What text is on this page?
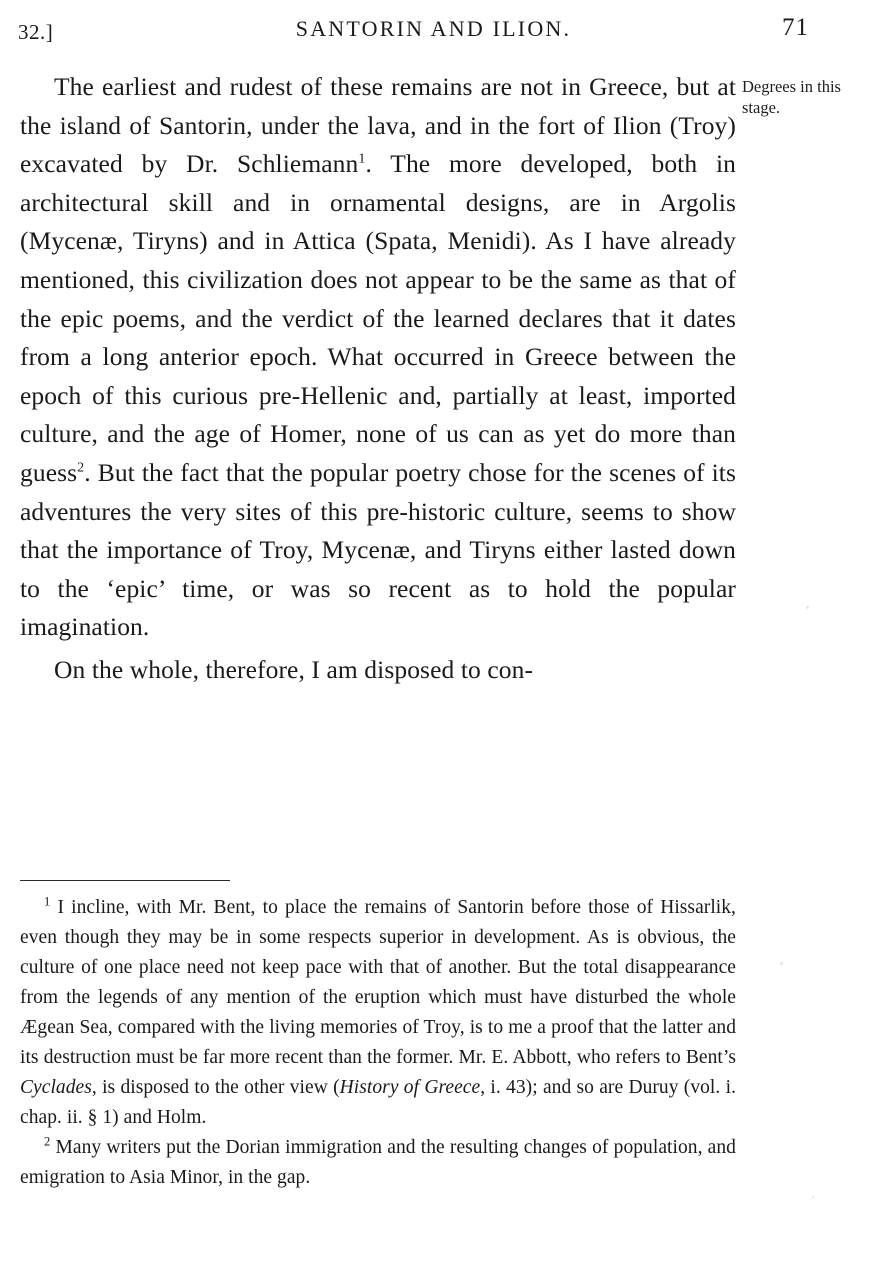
32.]	SANTORIN AND ILION.	71
Degrees in this stage.

The earliest and rudest of these remains are not in Greece, but at the island of Santorin, under the lava, and in the fort of Ilion (Troy) excavated by Dr. Schliemann$^1$. The more developed, both in architectural skill and in ornamental designs, are in Argolis (Mycenæ, Tiryns) and in Attica (Spata, Menidi). As I have already mentioned, this civilization does not appear to be the same as that of the epic poems, and the verdict of the learned declares that it dates from a long anterior epoch. What occurred in Greece between the epoch of this curious pre-Hellenic and, partially at least, imported culture, and the age of Homer, none of us can as yet do more than guess$^2$. But the fact that the popular poetry chose for the scenes of its adventures the very sites of this pre-historic culture, seems to show that the importance of Troy, Mycenæ, and Tiryns either lasted down to the ‘epic’ time, or was so recent as to hold the popular imagination.

On the whole, therefore, I am disposed to con-

$^1$ I incline, with Mr. Bent, to place the remains of Santorin before those of Hissarlik, even though they may be in some respects superior in development. As is obvious, the culture of one place need not keep pace with that of another. But the total disappearance from the legends of any mention of the eruption which must have disturbed the whole Ægean Sea, compared with the living memories of Troy, is to me a proof that the latter and its destruction must be far more recent than the former. Mr. E. Abbott, who refers to Bent’s Cyclades, is disposed to the other view (History of Greece, i. 43); and so are Duruy (vol. i. chap. ii. § 1) and Holm.

$^2$ Many writers put the Dorian immigration and the resulting changes of population, and emigration to Asia Minor, in the gap.
